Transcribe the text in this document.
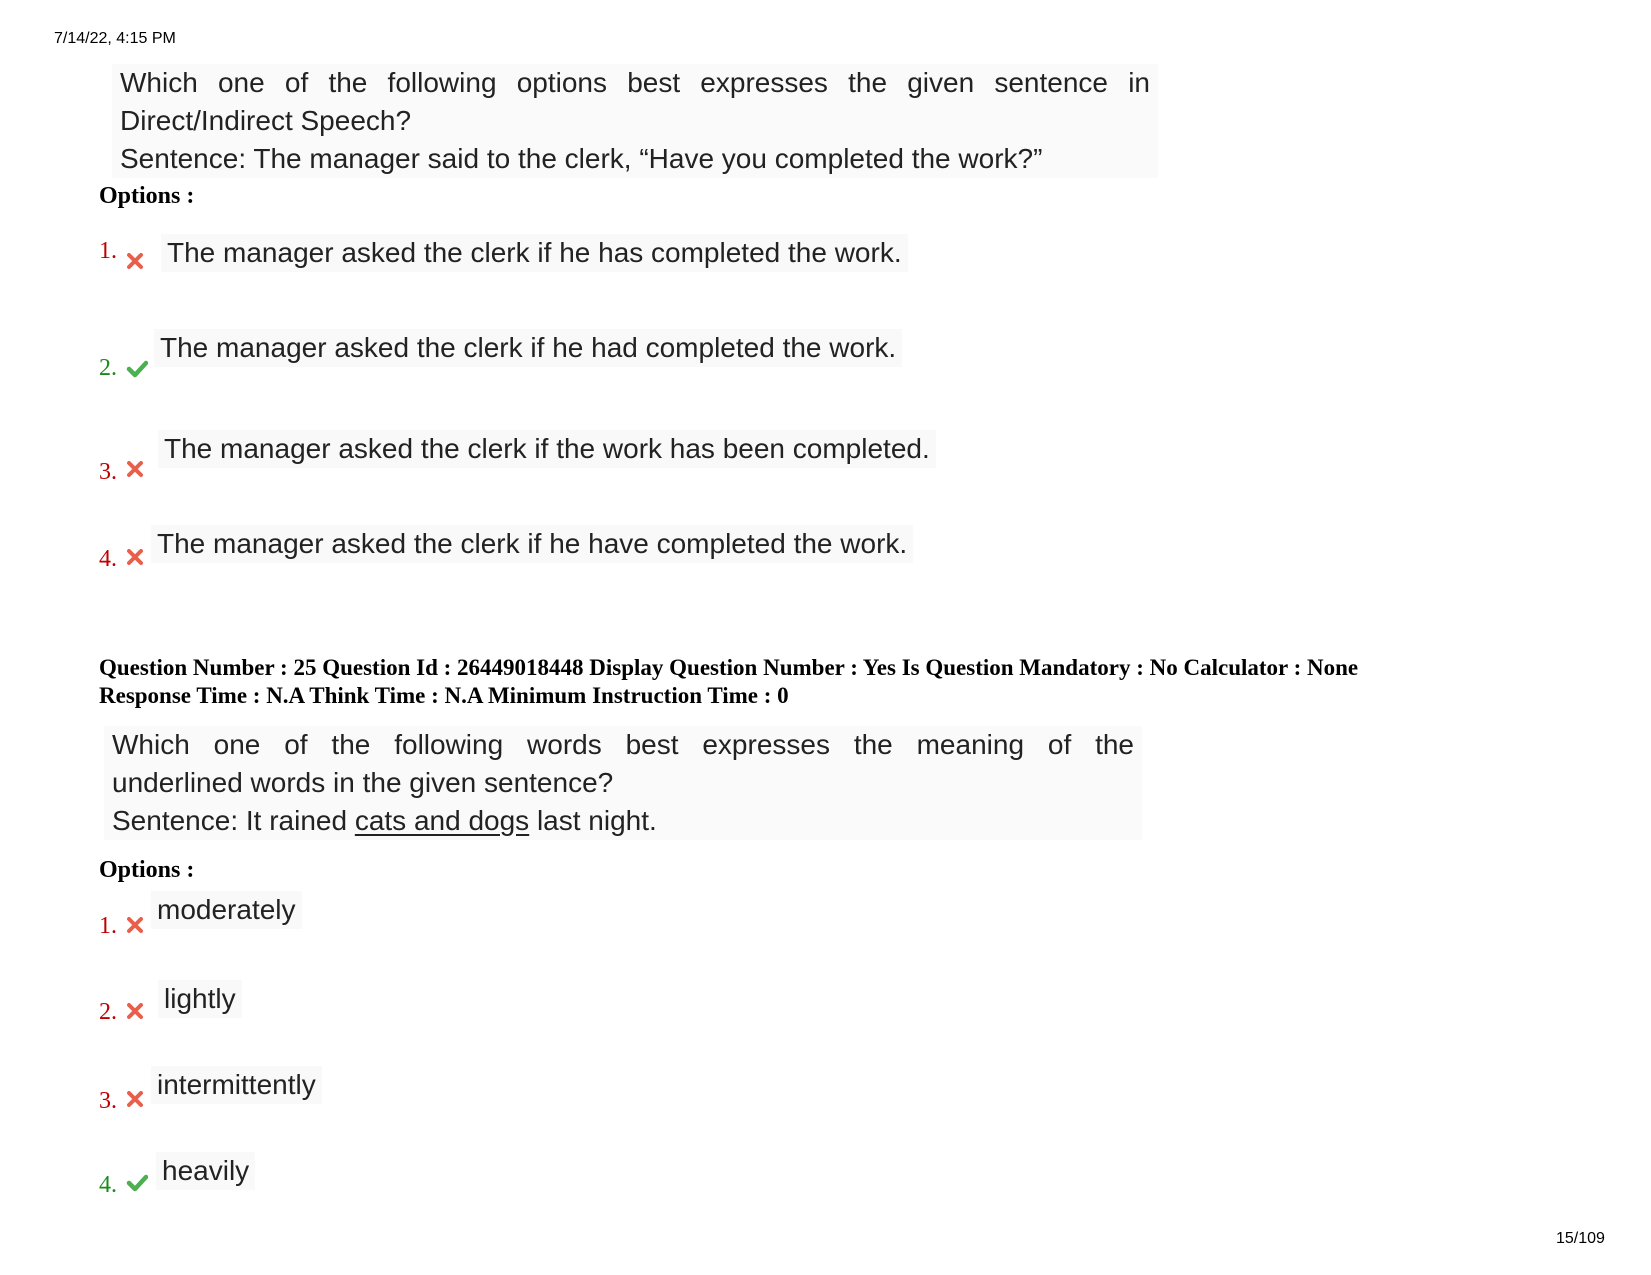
7/14/22, 4:15 PM
15/109
Which one of the following options best expresses the given sentence in
Direct/Indirect Speech?
Sentence: The manager said to the clerk, “Have you completed the work?”
Options :
1. The manager asked the clerk if he has completed the work.
2.
The manager asked the clerk if he had completed the work.
3.
The manager asked the clerk if the work has been completed.
4. The manager asked the clerk if he have completed the work.
Question Number : 25 Question Id : 26449018448 Display Question Number : Yes Is Question Mandatory : No Calculator : None
Response Time : N.A Think Time : N.A Minimum Instruction Time : 0
Which one of the following words best expresses the meaning of the
underlined words in the given sentence?
Sentence: It rained cats and dogs last night.
Options :
1.
moderately
2. lightly
3.
intermittently
4. heavily
